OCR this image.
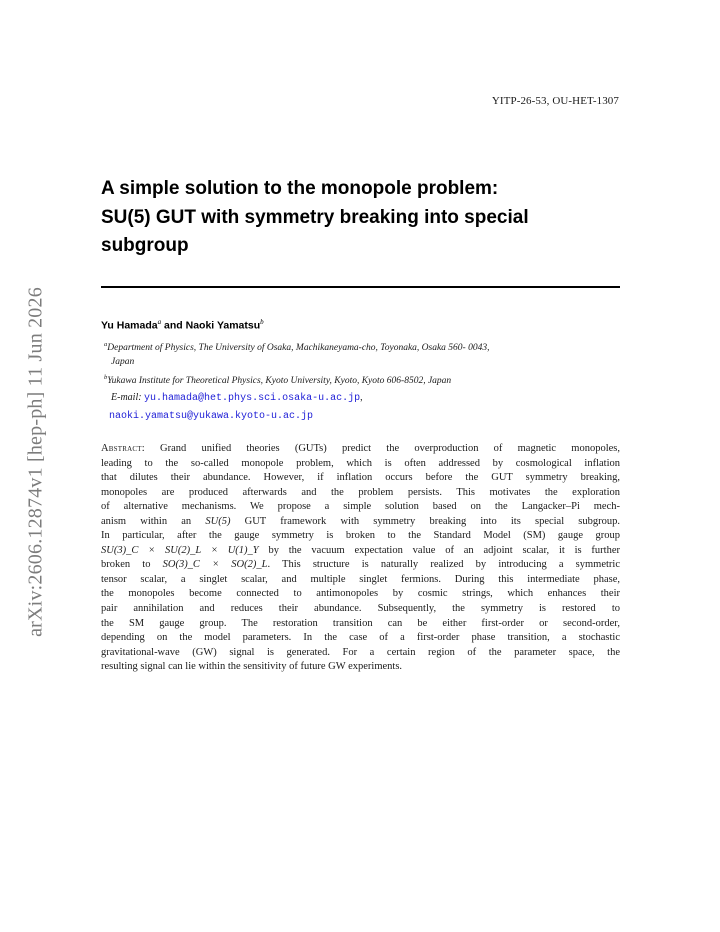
YITP-26-53, OU-HET-1307
A simple solution to the monopole problem:
SU(5) GUT with symmetry breaking into special
subgroup
Yu Hamada$^a$ and Naoki Yamatsu$^b$
$^a$Department of Physics, The University of Osaka, Machikaneyama-cho, Toyonaka, Osaka 560- 0043,
Japan
$^b$Yukawa Institute for Theoretical Physics, Kyoto University, Kyoto, Kyoto 606-8502, Japan
E-mail: yu.hamada@het.phys.sci.osaka-u.ac.jp,
naoki.yamatsu@yukawa.kyoto-u.ac.jp
Abstract: Grand unified theories (GUTs) predict the overproduction of magnetic monopoles,
leading to the so-called monopole problem, which is often addressed by cosmological inflation
that dilutes their abundance. However, if inflation occurs before the GUT symmetry breaking,
monopoles are produced afterwards and the problem persists. This motivates the exploration
of alternative mechanisms. We propose a simple solution based on the Langacker–Pi mech-
anism within an SU(5) GUT framework with symmetry breaking into its special subgroup.
In particular, after the gauge symmetry is broken to the Standard Model (SM) gauge group
SU(3)_C × SU(2)_L × U(1)_Y by the vacuum expectation value of an adjoint scalar, it is further
broken to SO(3)_C × SO(2)_L. This structure is naturally realized by introducing a symmetric
tensor scalar, a singlet scalar, and multiple singlet fermions. During this intermediate phase,
the monopoles become connected to antimonopoles by cosmic strings, which enhances their
pair annihilation and reduces their abundance. Subsequently, the symmetry is restored to
the SM gauge group. The restoration transition can be either first-order or second-order,
depending on the model parameters. In the case of a first-order phase transition, a stochastic
gravitational-wave (GW) signal is generated. For a certain region of the parameter space, the
resulting signal can lie within the sensitivity of future GW experiments.
arXiv:2606.12874v1 [hep-ph] 11 Jun 2026
